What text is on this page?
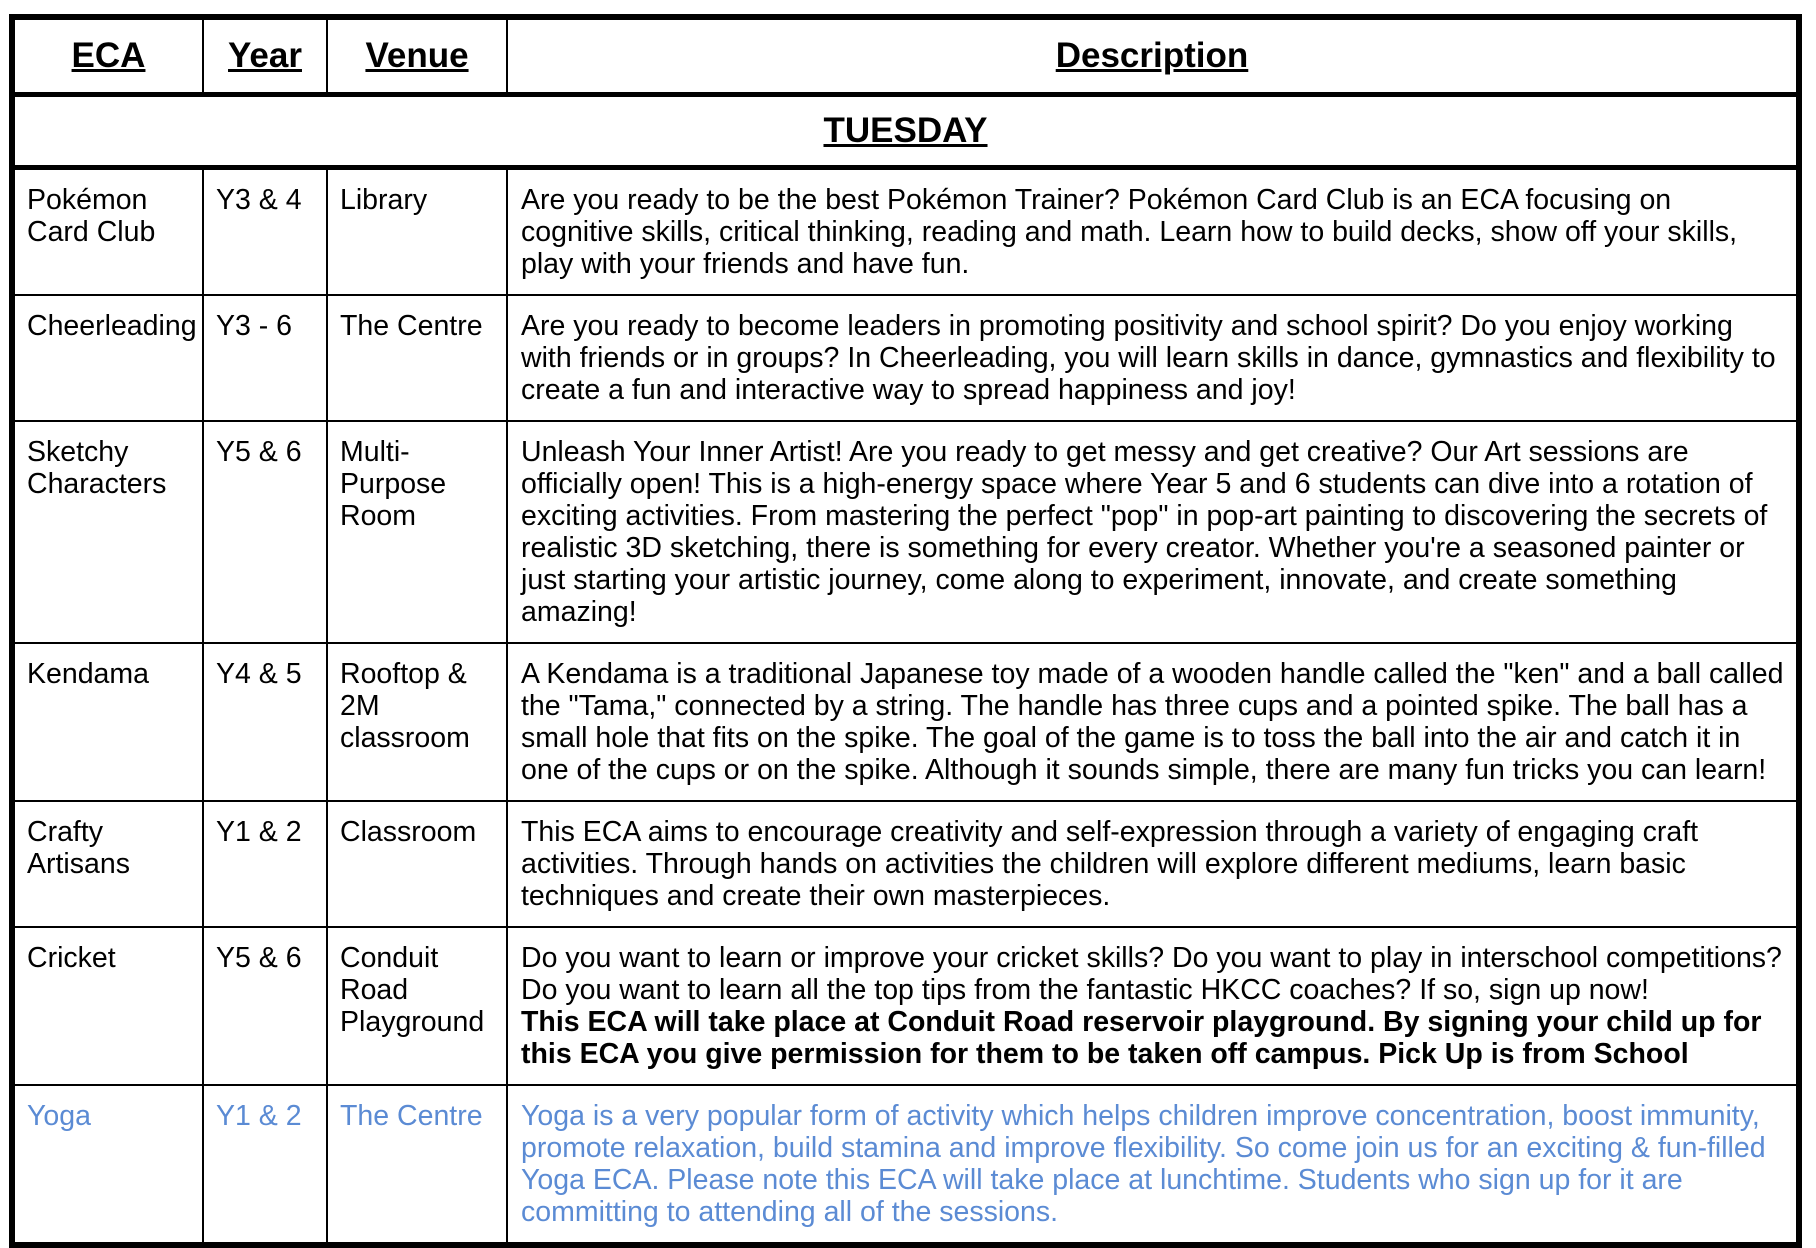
ECA	Year	Venue	Description
TUESDAY			
Pokémon Card Club	Y3 & 4	Library	Are you ready to be the best Pokémon Trainer? Pokémon Card Club is an ECA focusing on cognitive skills, critical thinking, reading and math. Learn how to build decks, show off your skills, play with your friends and have fun.
Cheerleading	Y3 - 6	The Centre	Are you ready to become leaders in promoting positivity and school spirit? Do you enjoy working with friends or in groups? In Cheerleading, you will learn skills in dance, gymnastics and flexibility to create a fun and interactive way to spread happiness and joy!
Sketchy Characters	Y5 & 6	Multi-Purpose Room	Unleash Your Inner Artist! Are you ready to get messy and get creative? Our Art sessions are officially open! This is a high-energy space where Year 5 and 6 students can dive into a rotation of exciting activities. From mastering the perfect "pop" in pop-art painting to discovering the secrets of realistic 3D sketching, there is something for every creator. Whether you're a seasoned painter or just starting your artistic journey, come along to experiment, innovate, and create something amazing!
Kendama	Y4 & 5	Rooftop & 2M classroom	A Kendama is a traditional Japanese toy made of a wooden handle called the "ken" and a ball called the "Tama," connected by a string. The handle has three cups and a pointed spike. The ball has a small hole that fits on the spike. The goal of the game is to toss the ball into the air and catch it in one of the cups or on the spike. Although it sounds simple, there are many fun tricks you can learn!
Crafty Artisans	Y1 & 2	Classroom	This ECA aims to encourage creativity and self-expression through a variety of engaging craft activities. Through hands on activities the children will explore different mediums, learn basic techniques and create their own masterpieces.
Cricket	Y5 & 6	Conduit Road Playground	Do you want to learn or improve your cricket skills? Do you want to play in interschool competitions? Do you want to learn all the top tips from the fantastic HKCC coaches? If so, sign up now!
This ECA will take place at Conduit Road reservoir playground. By signing your child up for this ECA you give permission for them to be taken off campus. Pick Up is from School

Yoga	Y1 & 2	The Centre	Yoga is a very popular form of activity which helps children improve concentration, boost immunity, promote relaxation, build stamina and improve flexibility. So come join us for an exciting & fun-filled Yoga ECA. Please note this ECA will take place at lunchtime. Students who sign up for it are committing to attending all of the sessions.
